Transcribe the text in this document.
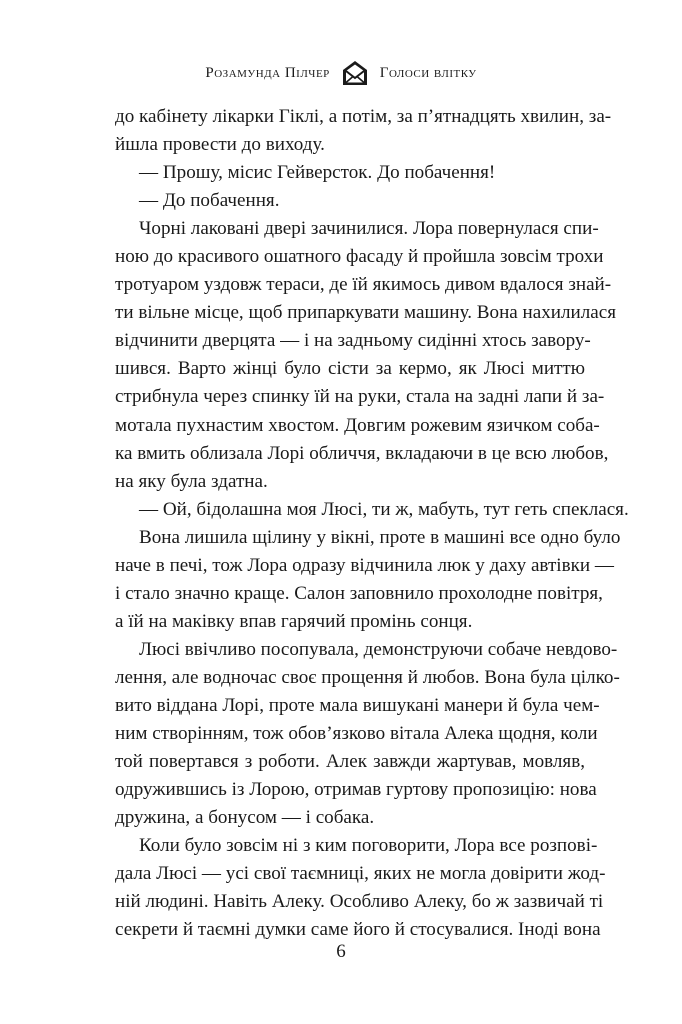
Розамунда Пілчер	Голоси влітку

до кабінету лікарки Гіклі, а потім, за п’ятнадцять хвилин, за-
йшла провести до виходу.

— Прошу, місис Гейверсток. До побачення!

— До побачення.

Чорні лаковані двері зачинилися. Лора повернулася спи-
ною до красивого ошатного фасаду й пройшла зовсім трохи
тротуаром уздовж тераси, де їй якимось дивом вдалося знай-
ти вільне місце, щоб припаркувати машину. Вона нахилилася
відчинити дверцята — і на задньому сидінні хтось завору-
шився. Варто жінці було сісти за кермо, як Люсі миттю
стрибнула через спинку їй на руки, стала на задні лапи й за-
мотала пухнастим хвостом. Довгим рожевим язичком соба-
ка вмить облизала Лорі обличчя, вкладаючи в це всю любов,
на яку була здатна.

— Ой, бідолашна моя Люсі, ти ж, мабуть, тут геть спеклася.

Вона лишила щілину у вікні, проте в машині все одно було
наче в печі, тож Лора одразу відчинила люк у даху автівки —
і стало значно краще. Салон заповнило прохолодне повітря,
а їй на маківку впав гарячий промінь сонця.

Люсі ввічливо посопувала, демонструючи собаче невдово-
лення, але водночас своє прощення й любов. Вона була цілко-
вито віддана Лорі, проте мала вишукані манери й була чем-
ним створінням, тож обов’язково вітала Алека щодня, коли
той повертався з роботи. Алек завжди жартував, мовляв,
одружившись із Лорою, отримав гуртову пропозицію: нова
дружина, а бонусом — і собака.

Коли було зовсім ні з ким поговорити, Лора все розпові-
дала Люсі — усі свої таємниці, яких не могла довірити жод-
ній людині. Навіть Алеку. Особливо Алеку, бо ж зазвичай ті
секрети й таємні думки саме його й стосувалися. Іноді вона

6
